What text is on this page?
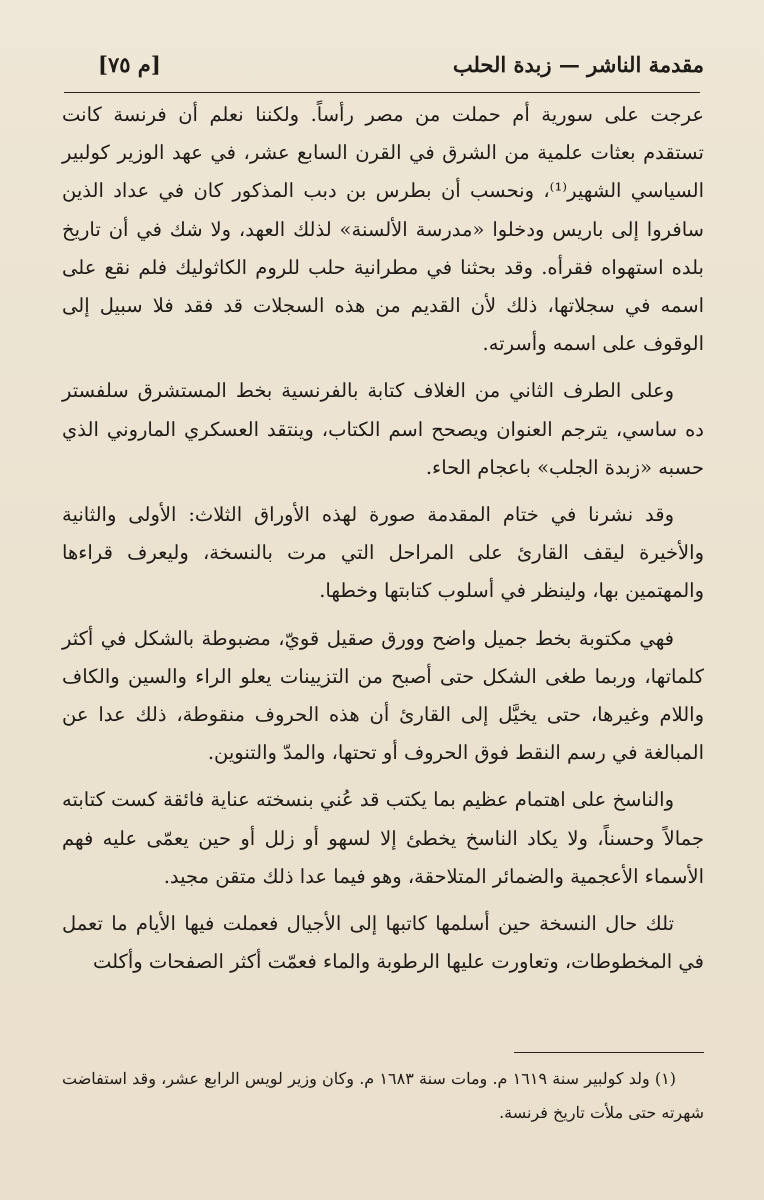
مقدمة الناشر — زبدة الحلب
[م ٧٥]

عرجت على سورية أم حملت من مصر رأساً. ولكننا نعلم أن فرنسة كانت تستقدم بعثات علمية من الشرق في القرن السابع عشر، في عهد الوزير كولبير السياسي الشهير⁽¹⁾، ونحسب أن بطرس بن دبب المذكور كان في عداد الذين سافروا إلى باريس ودخلوا «مدرسة الألسنة» لذلك العهد، ولا شك في أن تاريخ بلده استهواه فقرأه. وقد بحثنا في مطرانية حلب للروم الكاثوليك فلم نقع على اسمه في سجلاتها، ذلك لأن القديم من هذه السجلات قد فقد فلا سبيل إلى الوقوف على اسمه وأسرته.

وعلى الطرف الثاني من الغلاف كتابة بالفرنسية بخط المستشرق سلفستر ده ساسي، يترجم العنوان ويصحح اسم الكتاب، وينتقد العسكري الماروني الذي حسبه «زبدة الجلب» باعجام الحاء.

وقد نشرنا في ختام المقدمة صورة لهذه الأوراق الثلاث: الأولى والثانية والأخيرة ليقف القارئ على المراحل التي مرت بالنسخة، وليعرف قراءها والمهتمين بها، ولينظر في أسلوب كتابتها وخطها.

فهي مكتوبة بخط جميل واضح وورق صقيل قويّ، مضبوطة بالشكل في أكثر كلماتها، وربما طغى الشكل حتى أصبح من التزيينات يعلو الراء والسين والكاف واللام وغيرها، حتى يخيَّل إلى القارئ أن هذه الحروف منقوطة، ذلك عدا عن المبالغة في رسم النقط فوق الحروف أو تحتها، والمدّ والتنوين.

والناسخ على اهتمام عظيم بما يكتب قد عُني بنسخته عناية فائقة كست كتابته جمالاً وحسناً، ولا يكاد الناسخ يخطئ إلا لسهو أو زلل أو حين يعمّى عليه فهم الأسماء الأعجمية والضمائر المتلاحقة، وهو فيما عدا ذلك متقن مجيد.

تلك حال النسخة حين أسلمها كاتبها إلى الأجيال فعملت فيها الأيام ما تعمل في المخطوطات، وتعاورت عليها الرطوبة والماء فعمّت أكثر الصفحات وأكلت

(١) ولد كولبير سنة ١٦١٩ م. ومات سنة ١٦٨٣ م. وكان وزير لويس الرابع عشر، وقد استفاضت شهرته حتى ملأت تاريخ فرنسة.
